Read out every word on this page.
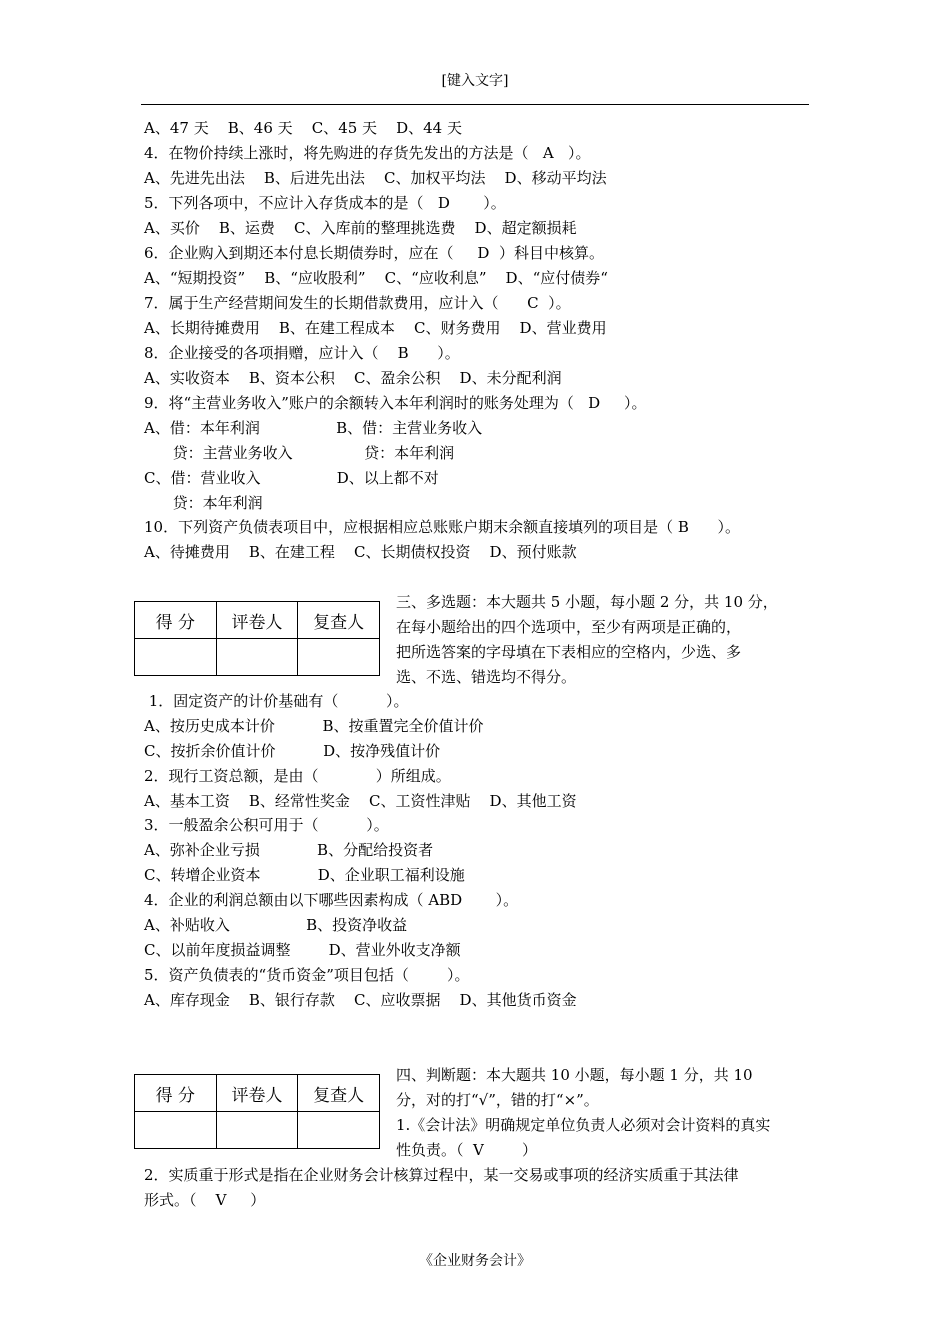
[键入文字]
A、47 天    B、46 天    C、45 天    D、44 天
4．在物价持续上涨时，将先购进的存货先发出的方法是（   A   ）。
A、先进先出法    B、后进先出法    C、加权平均法    D、移动平均法
5．下列各项中，不应计入存货成本的是（   D       ）。
A、买价    B、运费    C、入库前的整理挑选费    D、超定额损耗
6．企业购入到期还本付息长期债券时，应在（     D  ）科目中核算。
A、“短期投资”    B、“应收股利”    C、“应收利息”    D、“应付债券“
7．属于生产经营期间发生的长期借款费用，应计入（      C  ）。
A、长期待摊费用    B、在建工程成本    C、财务费用    D、营业费用
8．企业接受的各项捐赠，应计入（    B      ）。
A、实收资本    B、资本公积    C、盈余公积    D、未分配利润
9．将“主营业务收入”账户的余额转入本年利润时的账务处理为（   D     ）。
A、借：本年利润                B、借：主营业务收入
贷：主营业务收入               贷：本年利润
C、借：营业收入                D、以上都不对
贷：本年利润
10．下列资产负债表项目中，应根据相应总账账户期末余额直接填列的项目是（ B      ）。
A、待摊费用    B、在建工程    C、长期债权投资    D、预付账款
得 分	评卷人	复查人

三、多选题：本大题共 5 小题，每小题 2 分，共 10 分，
在每小题给出的四个选项中，至少有两项是正确的，
把所选答案的字母填在下表相应的空格内，少选、多
选、不选、错选均不得分。
1．固定资产的计价基础有（          ）。
A、按历史成本计价          B、按重置完全价值计价
C、按折余价值计价          D、按净残值计价
2．现行工资总额，是由（            ）所组成。
A、基本工资    B、经常性奖金    C、工资性津贴    D、其他工资
3．一般盈余公积可用于（          ）。
A、弥补企业亏损            B、分配给投资者
C、转增企业资本            D、企业职工福利设施
4．企业的利润总额由以下哪些因素构成（ ABD       ）。
A、补贴收入                B、投资净收益
C、以前年度损益调整        D、营业外收支净额
5．资产负债表的“货币资金”项目包括（        ）。
A、库存现金    B、银行存款    C、应收票据    D、其他货币资金
得 分	评卷人	复查人

四、判断题：本大题共 10 小题，每小题 1 分，共 10
分，对的打“√”，错的打“×”。
1.《会计法》明确规定单位负责人必须对会计资料的真实
性负责。（  V        ）
2．实质重于形式是指在企业财务会计核算过程中，某一交易或事项的经济实质重于其法律
形式。（    V     ）
《企业财务会计》
